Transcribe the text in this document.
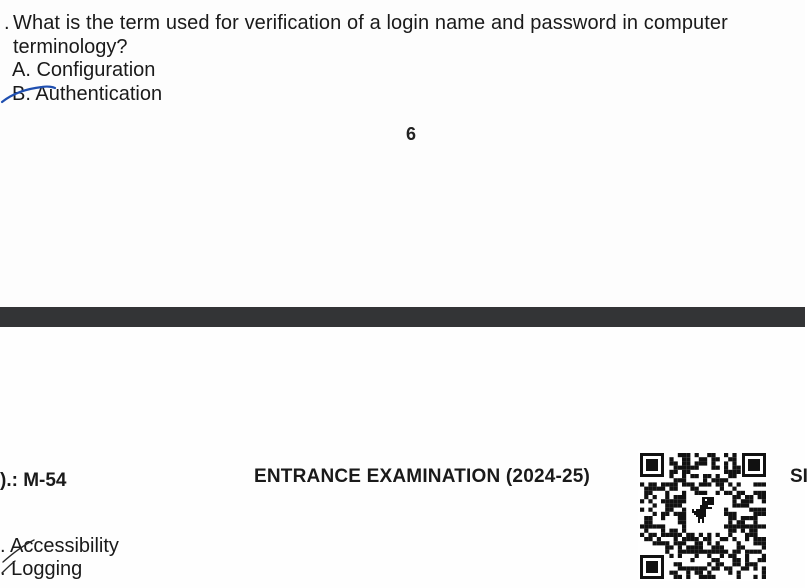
. What is the term used for verification of a login name and password in computer
terminology?
A. Configuration
B. Authentication
6
).: M-54	ENTRANCE EXAMINATION (2024-25)	SI
. Accessibility
. Logging
